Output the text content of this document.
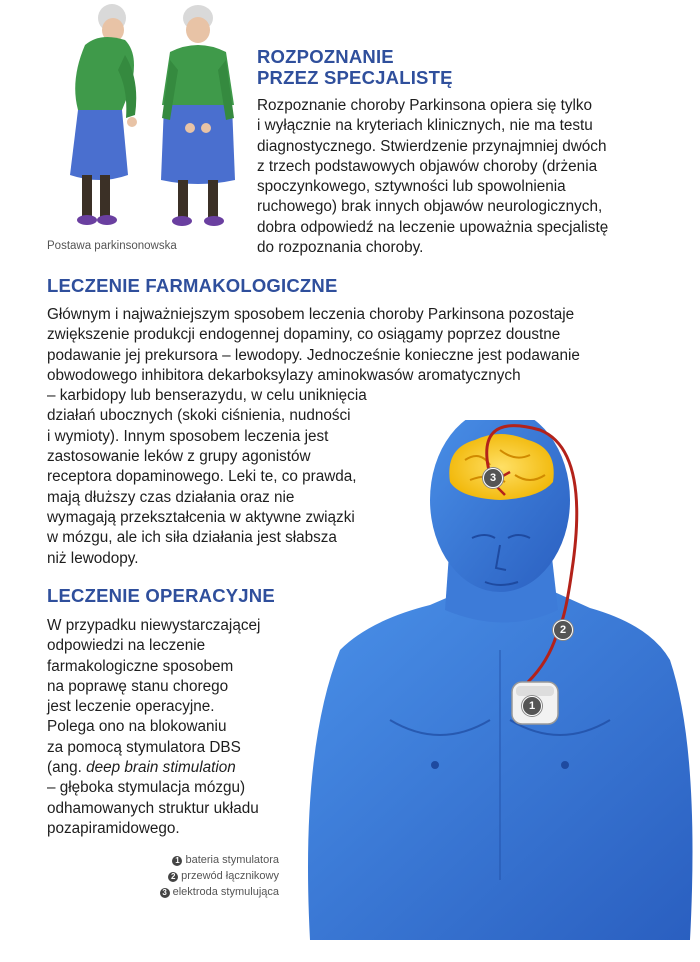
Postawa parkinsonowska
ROZPOZNANIE
PRZEZ SPECJALISTĘ
Rozpoznanie choroby Parkinsona opiera się tylko
i wyłącznie na kryteriach klinicznych, nie ma testu
diagnostycznego. Stwierdzenie przynajmniej dwóch
z trzech podstawowych objawów choroby (drżenia
spoczynkowego, sztywności lub spowolnienia
ruchowego) brak innych objawów neurologicznych,
dobra odpowiedź na leczenie upoważnia specjalistę
do rozpoznania choroby.
LECZENIE FARMAKOLOGICZNE
Głównym i najważniejszym sposobem leczenia choroby Parkinsona pozostaje
zwiększenie produkcji endogennej dopaminy, co osiągamy poprzez doustne
podawanie jej prekursora – lewodopy. Jednocześnie konieczne jest podawanie
obwodowego inhibitora dekarboksylazy aminokwasów aromatycznych
– karbidopy lub benserazydu, w celu uniknięcia
działań ubocznych (skoki ciśnienia, nudności
i wymioty). Innym sposobem leczenia jest
zastosowanie leków z grupy agonistów
receptora dopaminowego. Leki te, co prawda,
mają dłuższy czas działania oraz nie
wymagają przekształcenia w aktywne związki
w mózgu, ale ich siła działania jest słabsza
niż lewodopy.
LECZENIE OPERACYJNE
W przypadku niewystarczającej
odpowiedzi na leczenie
farmakologiczne sposobem
na poprawę stanu chorego
jest leczenie operacyjne.
Polega ono na blokowaniu
za pomocą stymulatora DBS
(ang. deep brain stimulation
– głęboka stymulacja mózgu)
odhamowanych struktur układu
pozapiramidowego.
1 bateria stymulatora
2 przewód łącznikowy
3 elektroda stymulująca
1
2
3
